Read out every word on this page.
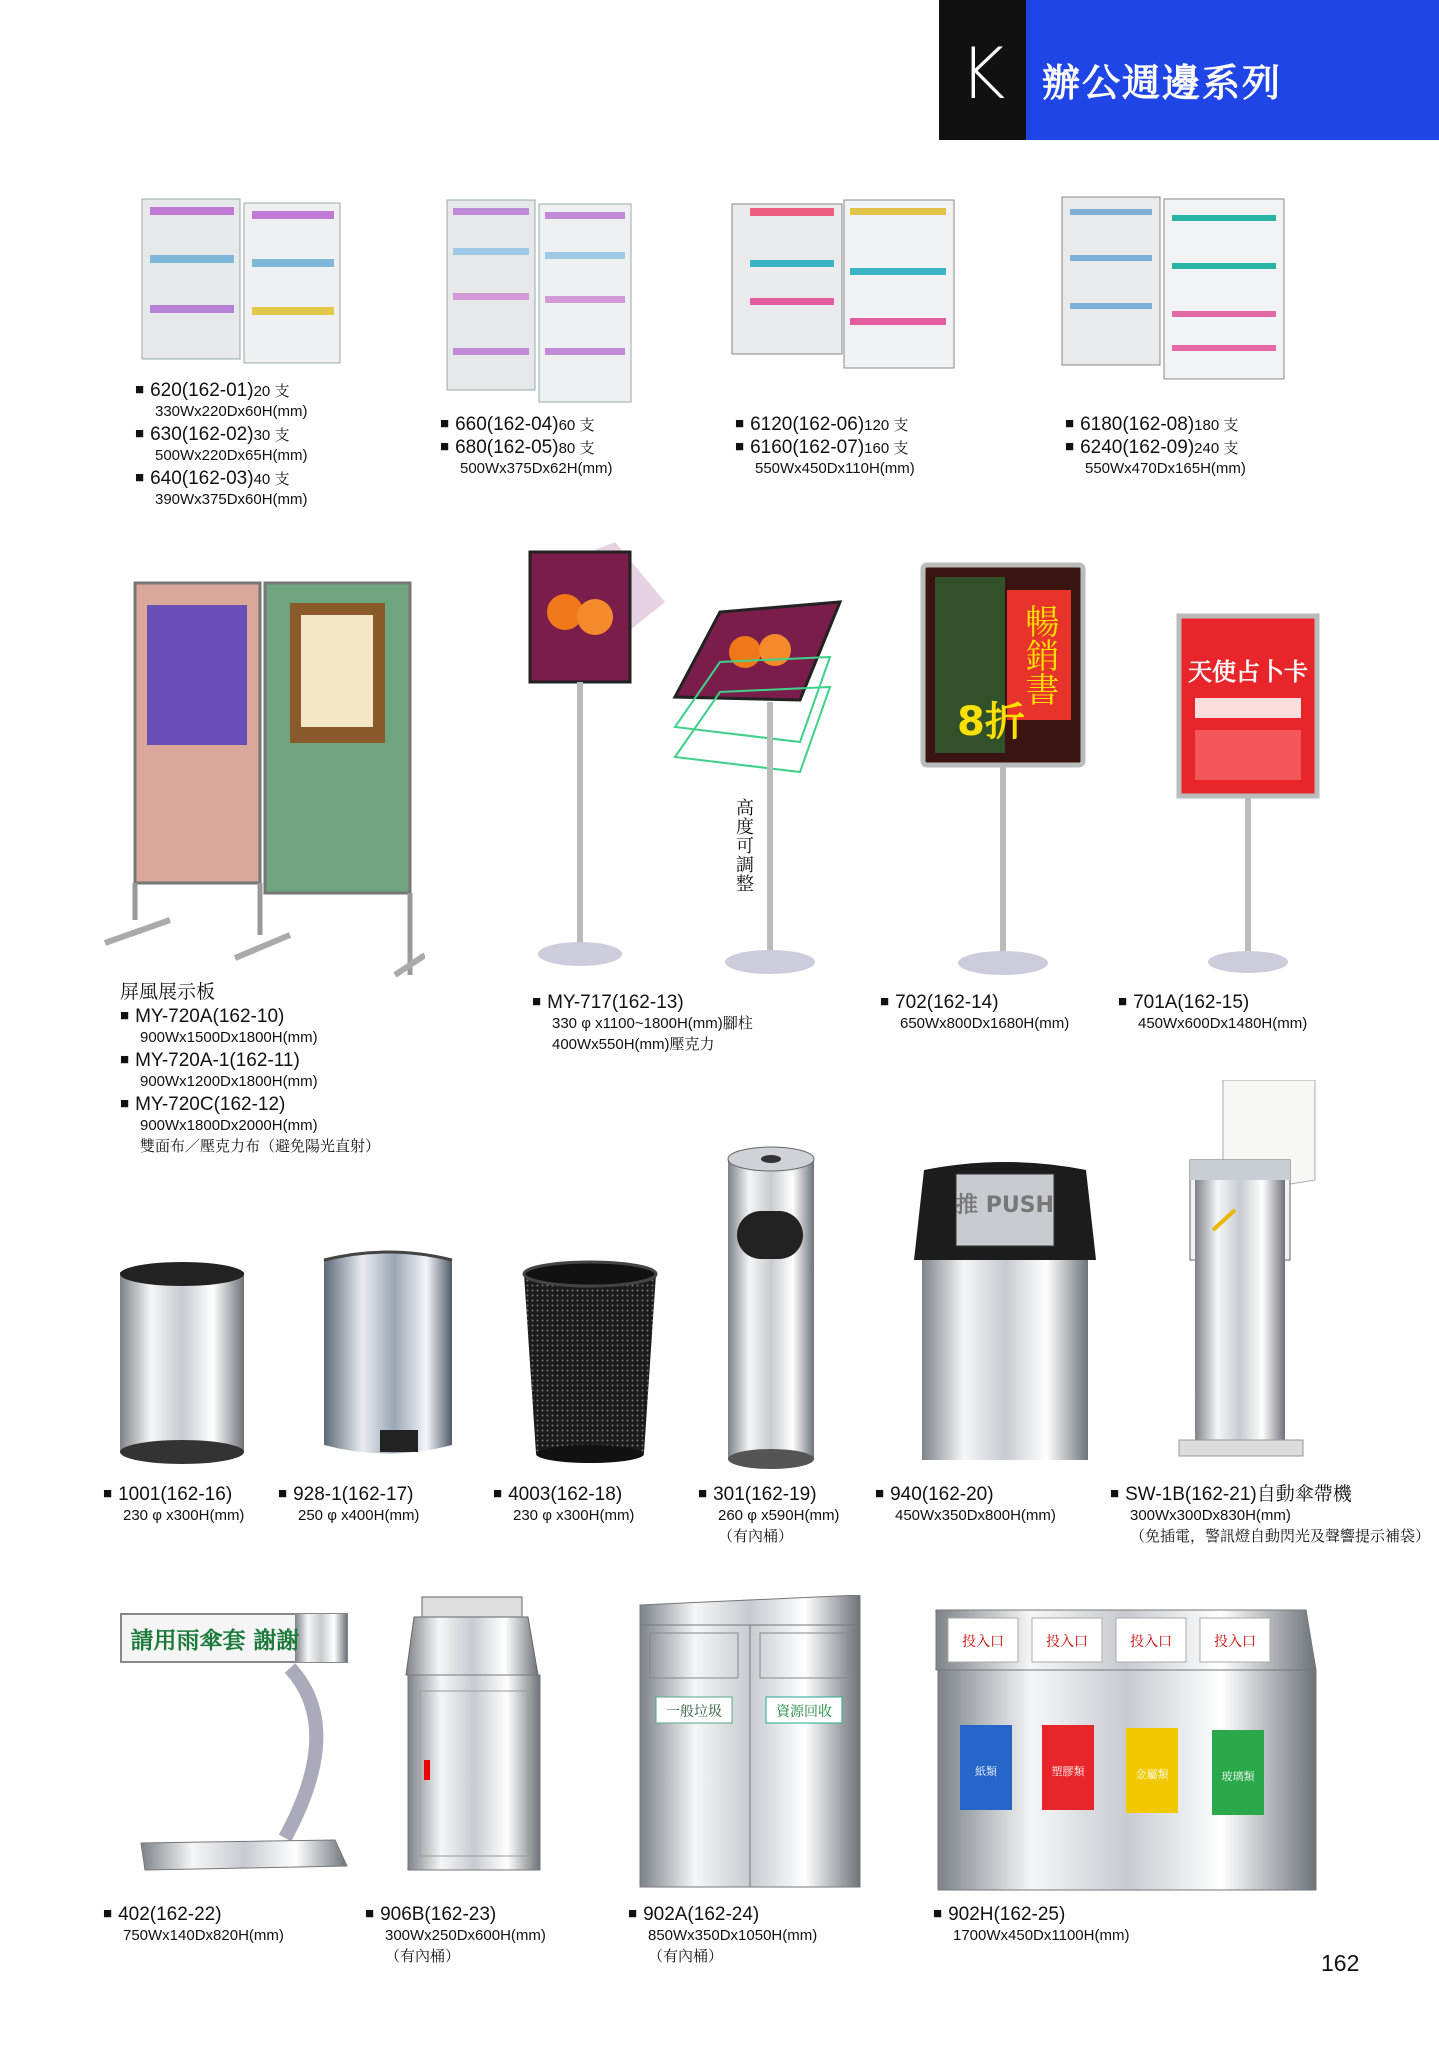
K 辦公週邊系列
■ 620(162-01)20 支
330Wx220Dx60H(mm)
■ 630(162-02)30 支
500Wx220Dx65H(mm)
■ 640(162-03)40 支
390Wx375Dx60H(mm)
■ 660(162-04)60 支
■ 680(162-05)80 支
500Wx375Dx62H(mm)
■ 6120(162-06)120 支
■ 6160(162-07)160 支
550Wx450Dx110H(mm)
■ 6180(162-08)180 支
■ 6240(162-09)240 支
550Wx470Dx165H(mm)
高度可調整
暢銷書
8折
天使占卜卡
屏風展示板
■ MY-720A(162-10)
900Wx1500Dx1800H(mm)
■ MY-720A-1(162-11)
900Wx1200Dx1800H(mm)
■ MY-720C(162-12)
900Wx1800Dx2000H(mm)
雙面布／壓克力布（避免陽光直射）
■ MY-717(162-13)
330 φ x1100~1800H(mm)腳柱
400Wx550H(mm)壓克力
■ 702(162-14)
650Wx800Dx1680H(mm)
■ 701A(162-15)
450Wx600Dx1480H(mm)
推 PUSH
■ 1001(162-16)
230 φ x300H(mm)
■ 928-1(162-17)
250 φ x400H(mm)
■ 4003(162-18)
230 φ x300H(mm)
■ 301(162-19)
260 φ x590H(mm)
（有內桶）
■ 940(162-20)
450Wx350Dx800H(mm)
■ SW-1B(162-21)自動傘帶機
300Wx300Dx830H(mm)
（免插電，警訊燈自動閃光及聲響提示補袋）
請用雨傘套 謝謝
一般垃圾	資源回收
投入口	投入口	投入口	投入口
紙類	塑膠類	金屬類	玻璃類
■ 402(162-22)
750Wx140Dx820H(mm)
■ 906B(162-23)
300Wx250Dx600H(mm)
（有內桶）
■ 902A(162-24)
850Wx350Dx1050H(mm)
（有內桶）
■ 902H(162-25)
1700Wx450Dx1100H(mm)
162
